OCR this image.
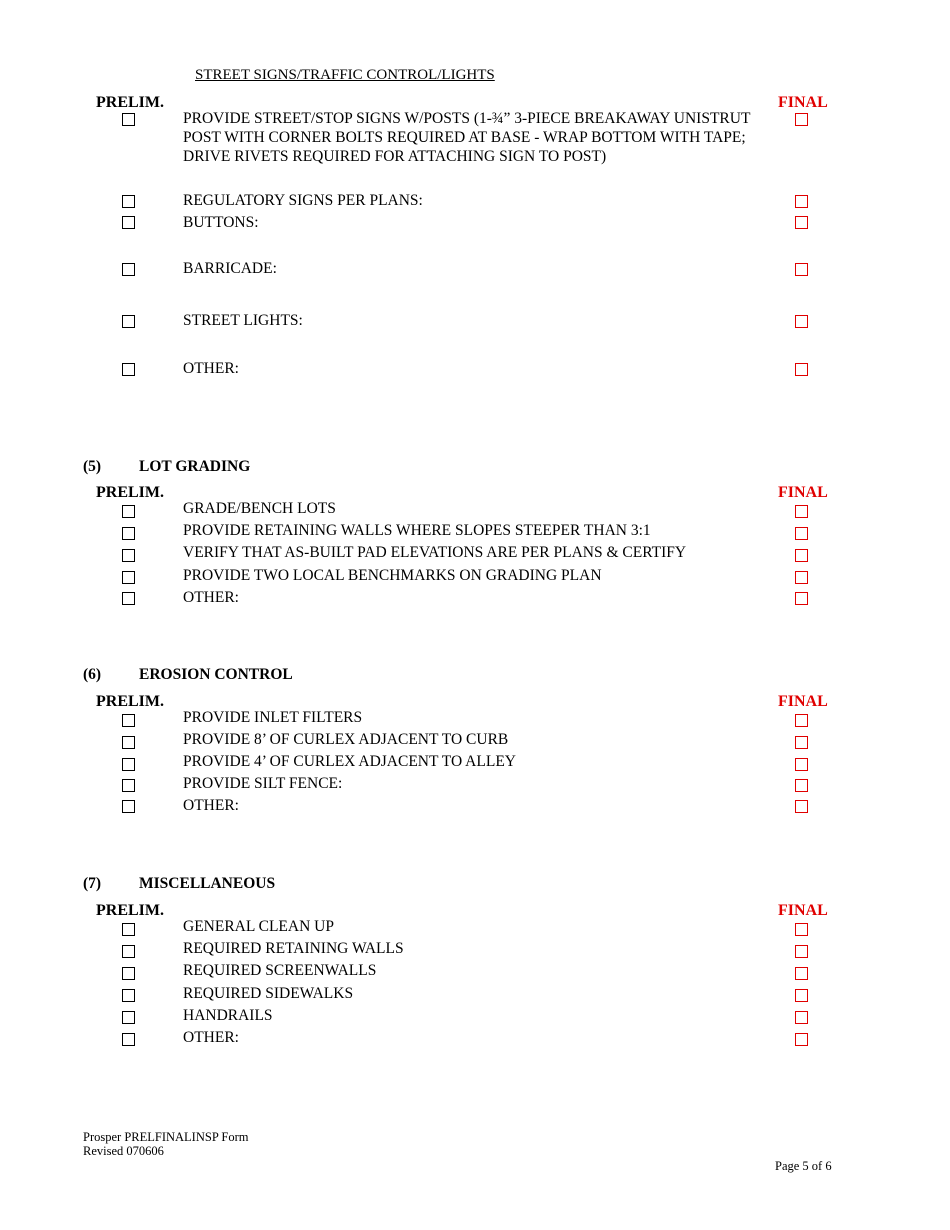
STREET SIGNS/TRAFFIC CONTROL/LIGHTS
PRELIM.	FINAL
PROVIDE STREET/STOP SIGNS W/POSTS (1-¾” 3-PIECE BREAKAWAY UNISTRUT POST WITH CORNER BOLTS REQUIRED AT BASE - WRAP BOTTOM WITH TAPE; DRIVE RIVETS REQUIRED FOR ATTACHING SIGN TO POST)
REGULATORY SIGNS PER PLANS:
BUTTONS:
BARRICADE:
STREET LIGHTS:
OTHER:
(5) LOT GRADING
PRELIM.	FINAL
GRADE/BENCH LOTS
PROVIDE RETAINING WALLS WHERE SLOPES STEEPER THAN 3:1
VERIFY THAT AS-BUILT PAD ELEVATIONS ARE PER PLANS & CERTIFY
PROVIDE TWO LOCAL BENCHMARKS ON GRADING PLAN
OTHER:
(6) EROSION CONTROL
PRELIM.	FINAL
PROVIDE INLET FILTERS
PROVIDE 8’ OF CURLEX ADJACENT TO CURB
PROVIDE 4’ OF CURLEX ADJACENT TO ALLEY
PROVIDE SILT FENCE:
OTHER:
(7) MISCELLANEOUS
PRELIM.	FINAL
GENERAL CLEAN UP
REQUIRED RETAINING WALLS
REQUIRED SCREENWALLS
REQUIRED SIDEWALKS
HANDRAILS
OTHER:
Prosper PRELFINALINSP Form
Revised 070606
Page 5 of 6
